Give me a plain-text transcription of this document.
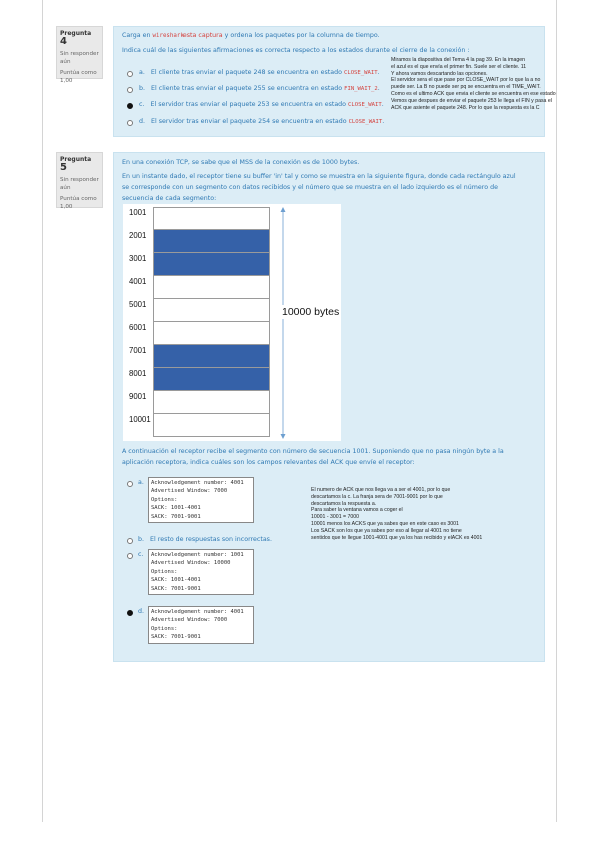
Pregunta 4
Sin responder aún
Puntúa como 1,00
Carga en wireshark esta captura y ordena los paquetes por la columna de tiempo.
Indica cuál de las siguientes afirmaciones es correcta respecto a los estados durante el cierre de la conexión :
a. El cliente tras enviar el paquete 248 se encuentra en estado CLOSE_WAIT.
b. El cliente tras enviar el paquete 255 se encuentra en estado FIN_WAIT_2.
c. El servidor tras enviar el paquete 253 se encuentra en estado CLOSE_WAIT.
d. El servidor tras enviar el paquete 254 se encuentra en estado CLOSE_WAIT.
Miramos la diapositiva del Tema 4 la pag 39. En la imagen
el azul es el que envía el primer fin. Suele ser el cliente. 11
Y ahora vamos descartando las opciones.
El servidor sera el que pase por CLOSE_WAIT por lo que la a no
puede ser. La B no puede ser pq se encuentra en el TIME_WAIT.
Como es el ultimo ACK que envia el cliente se encuentra en ese estado
Vemos que despues de enviar el paquete 253 le llega el FIN y pasa el
ACK que asiente el paquete 248. Por lo que la respuesta es la C
Pregunta 5
Sin responder aún
Puntúa como 1,00
En una conexión TCP, se sabe que el MSS de la conexión es de 1000 bytes.
En un instante dado, el receptor tiene su buffer 'in' tal y como se muestra en la siguiente figura, donde cada rectángulo azul
se corresponde con un segmento con datos recibidos y el número que se muestra en el lado izquierdo es el número de
secuencia de cada segmento:
A continuación el receptor recibe el segmento con número de secuencia 1001. Suponiendo que no pasa ningún byte a la
aplicación receptora, indica cuáles son los campos relevantes del ACK que envíe el receptor:
1001
2001
3001
4001
5001
6001
7001
8001
9001
10001
10000 bytes
a. Acknowledgement number: 4001
Advertised Window: 7000
Options:
SACK: 1001-4001
SACK: 7001-9001
b. El resto de respuestas son incorrectas.
c. Acknowledgement number: 1001
Advertised Window: 10000
Options:
SACK: 1001-4001
SACK: 7001-9001
d. Acknowledgement number: 4001
Advertised Window: 7000
Options:
SACK: 7001-9001
El numero de ACK que nos llega va a ser el 4001, por lo que
descartamos la c. La franja sera de 7001-9001 por lo que
descartamos la respuesta a.
Para saber la ventana vamos a coger el
10001 - 3001 = 7000
10001 menos los ACKS que ya sabes que en este caso es 3001
Los SACK son los que ya sabes por eso al llegar al 4001 no tiene
sentidos que te llegue 1001-4001 que ya los has recibido y elACK es 4001
